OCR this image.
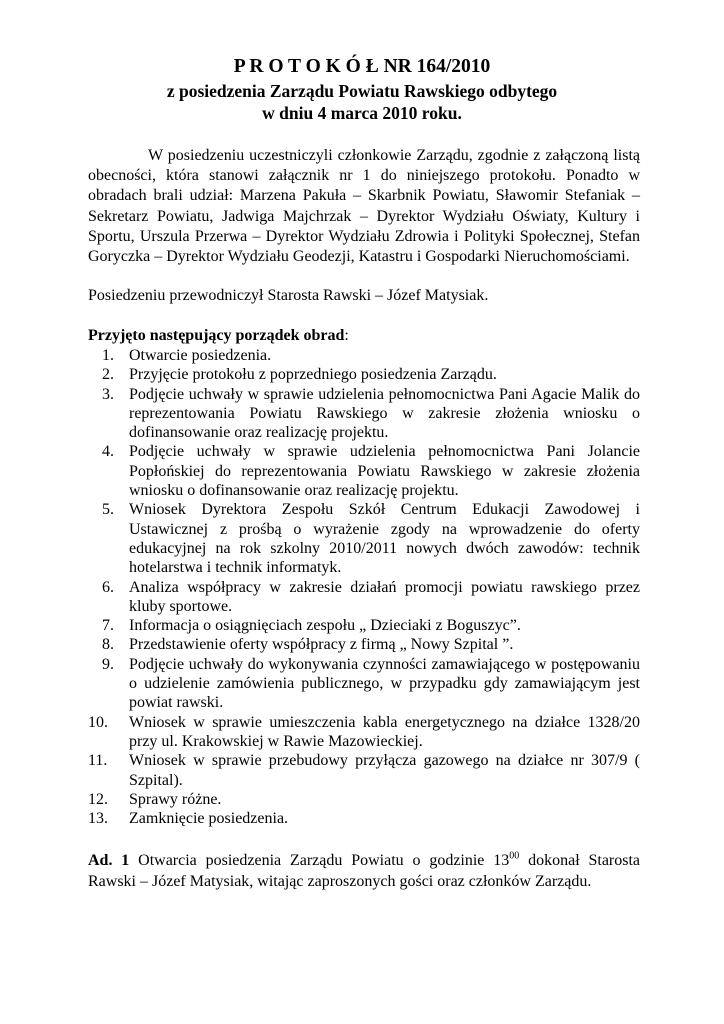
P R O T O K Ó Ł NR 164/2010
z posiedzenia Zarządu Powiatu Rawskiego odbytego
w dniu 4 marca 2010 roku.
W posiedzeniu uczestniczyli członkowie Zarządu, zgodnie z załączoną listą obecności, która stanowi załącznik nr 1 do niniejszego protokołu. Ponadto w obradach brali udział: Marzena Pakuła – Skarbnik Powiatu, Sławomir Stefaniak – Sekretarz Powiatu, Jadwiga Majchrzak – Dyrektor Wydziału Oświaty, Kultury i Sportu, Urszula Przerwa – Dyrektor Wydziału Zdrowia i Polityki Społecznej, Stefan Goryczka – Dyrektor Wydziału Geodezji, Katastru i Gospodarki Nieruchomościami.
Posiedzeniu przewodniczył Starosta Rawski – Józef Matysiak.
Przyjęto następujący porządek obrad:
1. Otwarcie posiedzenia.
2. Przyjęcie protokołu z poprzedniego posiedzenia Zarządu.
3. Podjęcie uchwały w sprawie udzielenia pełnomocnictwa Pani Agacie Malik do reprezentowania Powiatu Rawskiego w zakresie złożenia wniosku o dofinansowanie oraz realizację projektu.
4. Podjęcie uchwały w sprawie udzielenia pełnomocnictwa Pani Jolancie Popłońskiej do reprezentowania Powiatu Rawskiego w zakresie złożenia wniosku o dofinansowanie oraz realizację projektu.
5. Wniosek Dyrektora Zespołu Szkół Centrum Edukacji Zawodowej i Ustawicznej z prośbą o wyrażenie zgody na wprowadzenie do oferty edukacyjnej na rok szkolny 2010/2011 nowych dwóch zawodów: technik hotelarstwa i technik informatyk.
6. Analiza współpracy w zakresie działań promocji powiatu rawskiego przez kluby sportowe.
7. Informacja o osiągnięciach zespołu „ Dzieciaki z Boguszyc”.
8. Przedstawienie oferty współpracy z firmą „ Nowy Szpital ”.
9. Podjęcie uchwały do wykonywania czynności zamawiającego w postępowaniu o udzielenie zamówienia publicznego, w przypadku gdy zamawiającym jest powiat rawski.
10. Wniosek w sprawie umieszczenia kabla energetycznego na działce 1328/20 przy ul. Krakowskiej w Rawie Mazowieckiej.
11. Wniosek w sprawie przebudowy przyłącza gazowego na działce nr 307/9 ( Szpital).
12. Sprawy różne.
13. Zamknięcie posiedzenia.
Ad. 1 Otwarcia posiedzenia Zarządu Powiatu o godzinie $13^{00}$ dokonał Starosta Rawski – Józef Matysiak, witając zaproszonych gości oraz członków Zarządu.
